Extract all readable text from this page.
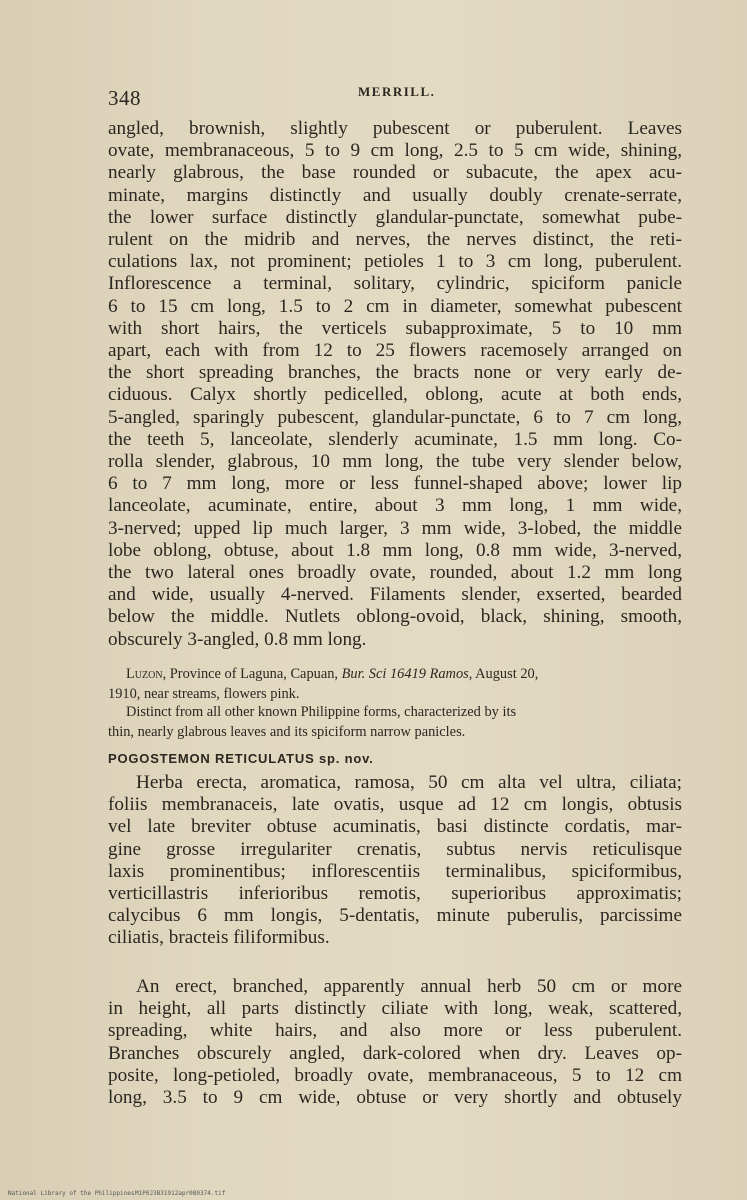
348	MERRILL.
angled, brownish, slightly pubescent or puberulent. Leaves
ovate, membranaceous, 5 to 9 cm long, 2.5 to 5 cm wide, shining,
nearly glabrous, the base rounded or subacute, the apex acu-
minate, margins distinctly and usually doubly crenate-serrate,
the lower surface distinctly glandular-punctate, somewhat pube-
rulent on the midrib and nerves, the nerves distinct, the reti-
culations lax, not prominent; petioles 1 to 3 cm long, puberulent.
Inflorescence a terminal, solitary, cylindric, spiciform panicle
6 to 15 cm long, 1.5 to 2 cm in diameter, somewhat pubescent
with short hairs, the verticels subapproximate, 5 to 10 mm
apart, each with from 12 to 25 flowers racemosely arranged on
the short spreading branches, the bracts none or very early de-
ciduous. Calyx shortly pedicelled, oblong, acute at both ends,
5-angled, sparingly pubescent, glandular-punctate, 6 to 7 cm long,
the teeth 5, lanceolate, slenderly acuminate, 1.5 mm long. Co-
rolla slender, glabrous, 10 mm long, the tube very slender below,
6 to 7 mm long, more or less funnel-shaped above; lower lip
lanceolate, acuminate, entire, about 3 mm long, 1 mm wide,
3-nerved; upped lip much larger, 3 mm wide, 3-lobed, the middle
lobe oblong, obtuse, about 1.8 mm long, 0.8 mm wide, 3-nerved,
the two lateral ones broadly ovate, rounded, about 1.2 mm long
and wide, usually 4-nerved. Filaments slender, exserted, bearded
below the middle. Nutlets oblong-ovoid, black, shining, smooth,
obscurely 3-angled, 0.8 mm long.
Luzon, Province of Laguna, Capuan, Bur. Sci 16419 Ramos, August 20,
1910, near streams, flowers pink.
Distinct from all other known Philippine forms, characterized by its
thin, nearly glabrous leaves and its spiciform narrow panicles.
POGOSTEMON RETICULATUS sp. nov.
Herba erecta, aromatica, ramosa, 50 cm alta vel ultra, ciliata;
foliis membranaceis, late ovatis, usque ad 12 cm longis, obtusis
vel late breviter obtuse acuminatis, basi distincte cordatis, mar-
gine grosse irregulariter crenatis, subtus nervis reticulisque
laxis prominentibus; inflorescentiis terminalibus, spiciformibus,
verticillastris inferioribus remotis, superioribus approximatis;
calycibus 6 mm longis, 5-dentatis, minute puberulis, parcissime
ciliatis, bracteis filiformibus.
An erect, branched, apparently annual herb 50 cm or more
in height, all parts distinctly ciliate with long, weak, scattered,
spreading, white hairs, and also more or less puberulent.
Branches obscurely angled, dark-colored when dry. Leaves op-
posite, long-petioled, broadly ovate, membranaceous, 5 to 12 cm
long, 3.5 to 9 cm wide, obtuse or very shortly and obtusely
National Library of the Philippines M1P0J3B31912apr080374.tif
